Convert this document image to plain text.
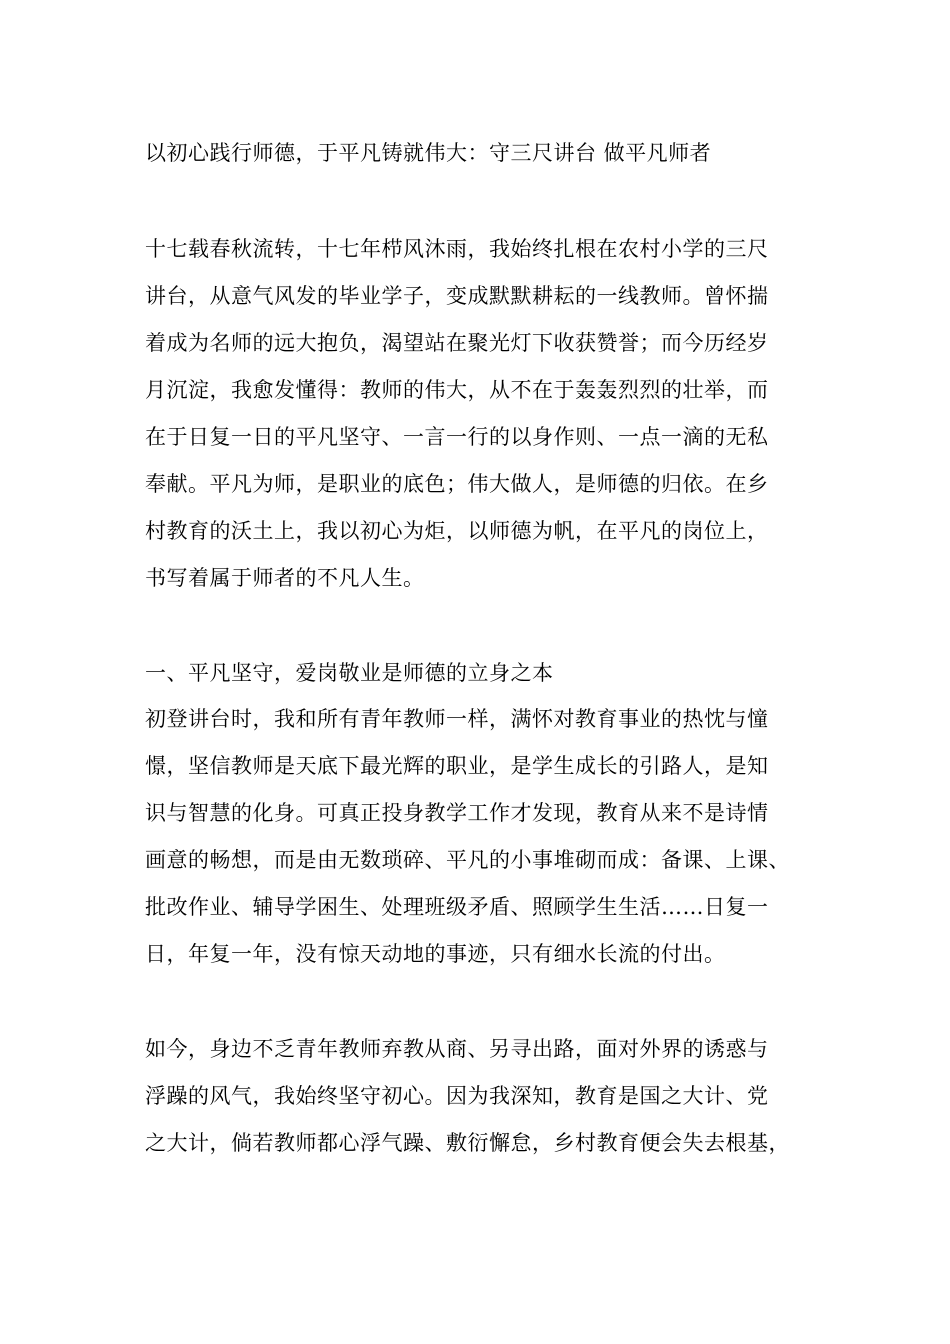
以初心践行师德，于平凡铸就伟大：守三尺讲台 做平凡师者
十七载春秋流转，十七年栉风沐雨，我始终扎根在农村小学的三尺
讲台，从意气风发的毕业学子，变成默默耕耘的一线教师。曾怀揣
着成为名师的远大抱负，渴望站在聚光灯下收获赞誉；而今历经岁
月沉淀，我愈发懂得：教师的伟大，从不在于轰轰烈烈的壮举，而
在于日复一日的平凡坚守、一言一行的以身作则、一点一滴的无私
奉献。平凡为师，是职业的底色；伟大做人，是师德的归依。在乡
村教育的沃土上，我以初心为炬，以师德为帆，在平凡的岗位上，
书写着属于师者的不凡人生。
一、平凡坚守，爱岗敬业是师德的立身之本
初登讲台时，我和所有青年教师一样，满怀对教育事业的热忱与憧
憬，坚信教师是天底下最光辉的职业，是学生成长的引路人，是知
识与智慧的化身。可真正投身教学工作才发现，教育从来不是诗情
画意的畅想，而是由无数琐碎、平凡的小事堆砌而成：备课、上课、
批改作业、辅导学困生、处理班级矛盾、照顾学生生活……日复一
日，年复一年，没有惊天动地的事迹，只有细水长流的付出。
如今，身边不乏青年教师弃教从商、另寻出路，面对外界的诱惑与
浮躁的风气，我始终坚守初心。因为我深知，教育是国之大计、党
之大计，倘若教师都心浮气躁、敷衍懈怠，乡村教育便会失去根基，
